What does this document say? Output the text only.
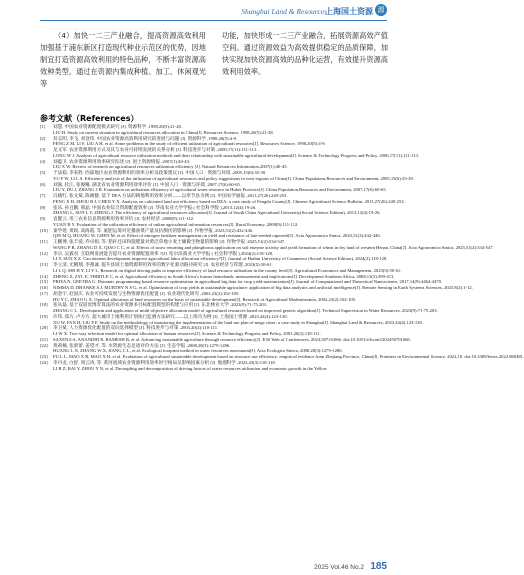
Shanghai Land & Resources
上海国土资源 源

（4）加快一二三产业融合，提高资源高效利用加强基于浦东新区打造现代种业示范区的优势，因地制宜打造资源高效利用的特色品种，不断丰富资源高效种类型。通过在资源内集成种植、加工、休闲观光等

功能，加快形成一二三产业融合，拓展资源高效产值空间。通过资源效益为高效提供稳定的品质保障，加快实现加快资源高效的品种化运营，有效提升资源高效利用效率。

参考文献（References）
[1]	刘慧. 中国农业资源配置模式研究 [J]. 资源科学 ,1998,20(5):21-28.
LIU H. Study on current situation in agricultural resources allocation in China[J]. Resources Science, 1998,20(5):21-28.
[2]	封志明, 李飞, 刘登伟. 中国农业资源高效利用研究的进展与问题 [J]. 资源科学 ,1998,20(5):4-9.
FENG Z M, LI F, LIU A H, et al. Some problems in the study of efficient utilization of agricultural resources[J]. Resources Science, 1998,20(5):4-9.
[3]	龙文军. 农业资源利用方式及其与农业可持续发展的关系分析 [J]. 科技进步与对策 ,2000,17(11):111-113.
LONG W J. Analysis of agricultural resource utilization methods and their relationship with sustainable agricultural development[J]. Science & Technology Progress and Policy, 2000,17(11):111-113.
[4]	刘蕴卫. 农业资源利用效率研究综述 [J]. 国土资源情报 ,2007(1):40-43.
LIU X W. Review of research on agricultural resources utilization efficiency [J]. Natural Resources Information,2007(1):40-45.
[5]	于法稳, 李来胜. 西部地区农业资源利用的效率分析及政策建议 [J]. 中国人口 · 资源与环境 ,2005,15(6):35-39.
YU F W, LI L S. Efficiency analysis of the utilization of agricultural resources and policy suggestions in west regions of China[J]. China Population,Resources and Environment, 2005,15(6):35-39.
[6]	刘渝, 杜江, 张俊飚. 湖北省农业资源利用效率评价 [J]. 中国人口 · 资源与环境 ,2007,17(6):60-65.
LIU Y, DU J, ZHANG J B. Estimation on utilization efficiency of agricultural water resource in Hubei Province[J]. China Population,Resources and Environment, 2007,17(6):60-65.
[7]	冯晓红, 张文斌, 陈刚健. 基于 DEA 方法的耕地利用效率分析——以奉节县为例 [J]. 中国农学通报 ,2011,27(26):249-253.
FENG X H, ZHOU B J, CHEN Y X. Analysis on cultivated land use efficiency based on DEA: a case study of Fengdu County[J]. Chinese Agricultural Science Bulletin, 2011,27(26):249-253.
[8]	张乐, 孙且鹏, 邢晶. 中国农业综合资源配置效率 [J]. 华南农业大学学报 ( 社会科学版 ),2013,12(4):19-26.
ZHANG L, SUN L Y, ZHENG J. The efficiency of agricultural resources allocation[J]. Journal of South China Agricultural University(Social Science Edition), 2013,12(4):19-26.
[9]	袁健云. 用三农业信息资源利用效率评价 [J]. 农村经济 ,2008(9):111-112.
YUAN B Y. Evaluation of the utilization efficiency of online agricultural information resources[J]. Rural Economy, 2008(9):111-112.
[10]	秦学建, 黄政, 高海霞, 等. 氮肥运筹对近播油菜产量及抗倒伏的影响 [J]. 作物学报 ,2023,51(2):432-446.
QIN M Q, HUANG W, CHEN M, et al. Effect of nitrogen fertilizer management on yield and resistance of late-seeded rapeseed[J]. Acta Agronomica Sinica, 2023,51(2):432-446.
[11]	王鹏博, 张丰爱, 乔卓娟, 等. 秸秆还田和施肥量对黄泛草地小麦土壤微生物量的影响 [J]. 作物学报 ,2025,51(2):534-547.
WANG P B, ZHANG D X, QIAO C C, et al. Effects of straw returning and phosphorus application on soil enzyme activity and yield formation of wheat in dry land of western Henan, China[J]. Acta Agronomica Sinica, 2025,51(2):534-547.
[12]	李宗, 吴毅君. 互联网发展能否提升农业资源配置效率 ?[J]. 哈尔滨商业大学学报 ( 社会科学版 ),2024(2):118-128.
LI Y, SUN X Z. Can internet development improve agricultural labor allocation efficiency?[J]. Journal of Harbin University of Commerce (Social Science Edition), 2024(2):118-128.
[13]	李立清, 尤腾翔, 李燕诚. 提升县域土地资源利用效率的数字化驱动路径研究 [J]. 农业经济与管理 ,2023(5):50-61.
LI L Q, SHI H Y, LI Y L. Research on digital driving paths to improve efficiency of land resource utilization in the county level[J]. Agricultural Economics and Management, 2023(5):50-61.
[14]	ZHENG Z, ZYL E, THIRTLE C, et al. Agricultural efficiency in South Africa's former homelands: measurement and implications[J]. Development Southern Africa, 2008,13(3):399-413.
[15]	PRIYA N, GEETHA G. Dynamic programming based resource optimization in agricultural big data for crop yield maximization[J]. Journal of Computational and Theoretical Nanoscience, 2017,14(9):4464-4470.
[16]	NIMMA D, DHANKE A J, MURTHY N S G, et al. Optimization of crop yields in sustainable agriculture: application of big data analytics and artificial intelligence[J]. Remote Sensing in Earth Systems Sciences, 2025,8(2):1-12.
[17]	胡金宇, 赵国庆. 农业可持续发展与生物资源优化配置 [J]. 农业现代化研究 ,2002,23(2):102-105.
HU Y C, ZHAO G X. Optimal allocation of land resources on the basis of sustainable development[J]. Research of Agricultural Modernization, 2002,23(2):102-105.
[18]	张从磊. 基于双道优博弈算法的农业资源多目标配置模型的构建与应用 [J]. 东北林业大学 ,2023(9):71-75,203.
ZHANG C L. Development and application of multi-objective allocation model of agricultural resources based on improved genetic algorithm[J]. Technical Supervision in Water Resources, 2023(9):71-75,203.
[19]	许伟, 郑方, 卢方方. 超大城市土地利用计划执行监测方法研究——以上海市为例 [J]. 上海国土资源 ,2023,44(4):123-130.
XU W, FAN H, LIU F F. Study on the methodology of monitoring the implementation of the land use plan of mega cities: a case study in Shanghai[J]. Shanghai Land & Resources, 2023,44(4):123-130.
[20]	李卫斌. 人力资源优化配置的双向选择模型 [J]. 科技进步与对策 ,2003,20(2):110-111.
LI W X. Two-way selection model for optimal allocation of human resources[J]. Science & Technology Progress and Policy, 2003,20(2):110-111.
[21]	SAXENA A, ANANDHI R, RAMESH B, et al. Advancing sustainable agriculture through resource efficiency[J]. E3S Web of Conferences, 2024,507:01066. doi:10.1051/e3sconf/202450701066.
[22]	黄莉楠, 张蕾蕾, 姜望才, 等. 水资源生态足迹评价方法 [J]. 生态学报 ,2008,28(3):1279-1286.
HUANG L N, ZHANG W X, JIANG C L, et al. Ecological footprint method in water resources assessment[J]. Acta Ecologica Sinica, 2008,28(3):1279-1286.
[23]	FU L L, MAO X B, MAO X H, et al. Evaluation of agricultural sustainable development based on resource use efficiency: empirical evidence from Zhejiang Province, China[J]. Frontiers in Environmental Science, 2022,10. doi:10.3389/fenvs.2022.860481.
[24]	李丹龙, 白舒, 周云涛, 等. 黄河流域农业资源利用效率时空格局及影响因素分析 [J]. 地理科学 ,2023,43(3):110-118.
LI R Z, BAI Y, ZHOU Y N, et al. Decoupling and decomposition of driving factors of water resources utilization and economic growth in the Yellow
2025 Vol.46 No.2 185
